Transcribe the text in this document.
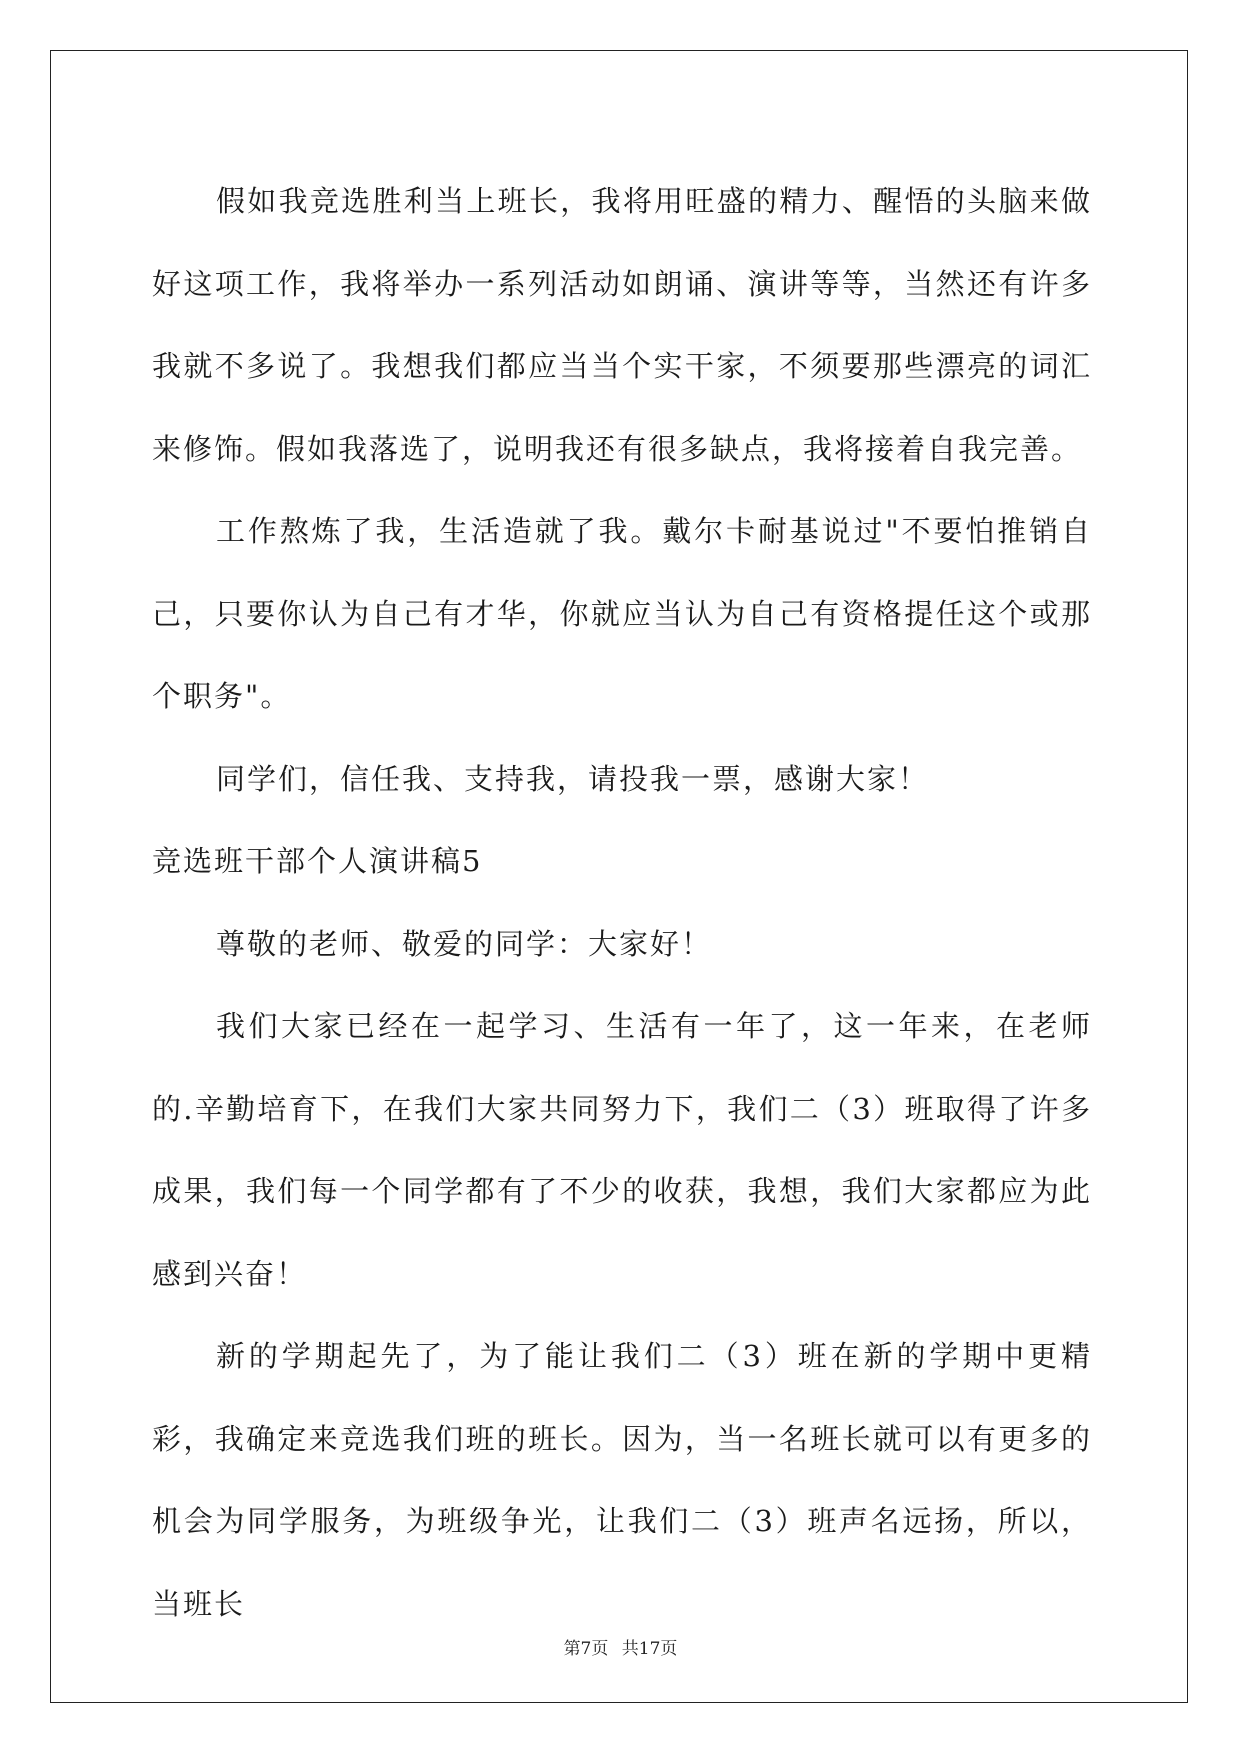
假如我竞选胜利当上班长，我将用旺盛的精力、醒悟的头脑来做好这项工作，我将举办一系列活动如朗诵、演讲等等，当然还有许多我就不多说了。我想我们都应当当个实干家，不须要那些漂亮的词汇来修饰。假如我落选了，说明我还有很多缺点，我将接着自我完善。

工作熬炼了我，生活造就了我。戴尔卡耐基说过"不要怕推销自己，只要你认为自己有才华，你就应当认为自己有资格提任这个或那个职务"。

同学们，信任我、支持我，请投我一票，感谢大家！

竞选班干部个人演讲稿5

尊敬的老师、敬爱的同学：大家好！

我们大家已经在一起学习、生活有一年了，这一年来，在老师的.辛勤培育下，在我们大家共同努力下，我们二（3）班取得了许多成果，我们每一个同学都有了不少的收获，我想，我们大家都应为此感到兴奋！

新的学期起先了，为了能让我们二（3）班在新的学期中更精彩，我确定来竞选我们班的班长。因为，当一名班长就可以有更多的机会为同学服务，为班级争光，让我们二（3）班声名远扬，所以，当班长

第7页 共17页
